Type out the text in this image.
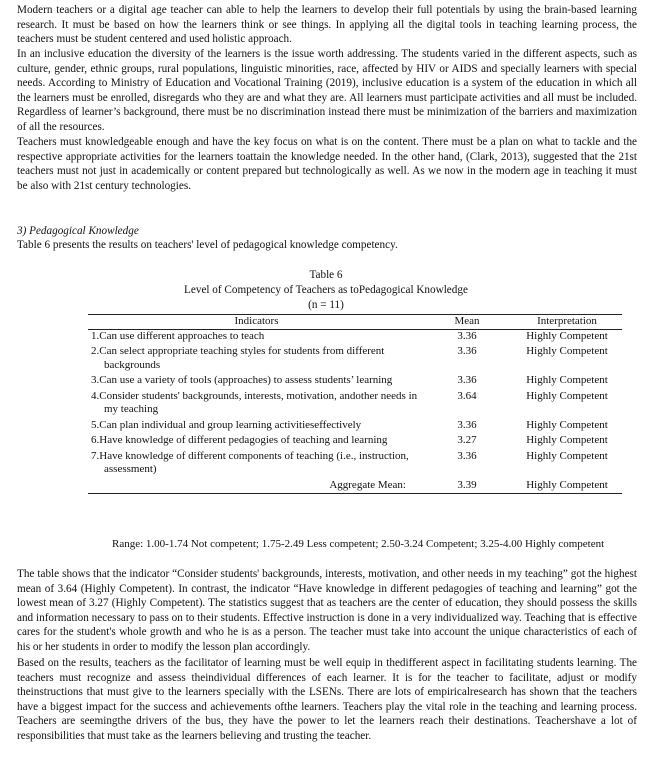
Modern teachers or a digital age teacher can able to help the learners to develop their full potentials by using the brain-based learning research. It must be based on how the learners think or see things. In applying all the digital tools in teaching learning process, the teachers must be student centered and used holistic approach.

In an inclusive education the diversity of the learners is the issue worth addressing. The students varied in the different aspects, such as culture, gender, ethnic groups, rural populations, linguistic minorities, race, affected by HIV or AIDS and specially learners with special needs. According to Ministry of Education and Vocational Training (2019), inclusive education is a system of the education in which all the learners must be enrolled, disregards who they are and what they are. All learners must participate activities and all must be included. Regardless of learner’s background, there must be no discrimination instead there must be minimization of the barriers and maximization of all the resources.

Teachers must knowledgeable enough and have the key focus on what is on the content. There must be a plan on what to tackle and the respective appropriate activities for the learners toattain the knowledge needed. In the other hand, (Clark, 2013), suggested that the 21st teachers must not just in academically or content prepared but technologically as well. As we now in the modern age in teaching it must be also with 21st century technologies.

3) Pedagogical Knowledge

Table 6 presents the results on teachers' level of pedagogical knowledge competency.

Table 6
Level of Competency of Teachers as toPedagogical Knowledge
(n = 11)
Indicators	Mean	Interpretation

1.Can use different approaches to teach	3.36	Highly Competent

2.Can select appropriate teaching styles for students from different backgrounds	3.36	Highly Competent

3.Can use a variety of tools (approaches) to assess students’ learning	3.36	Highly Competent

4.Consider students' backgrounds, interests, motivation, andother needs in my teaching	3.64	Highly Competent

5.Can plan individual and group learning activitieseffectively	3.36	Highly Competent

6.Have knowledge of different pedagogies of teaching and learning	3.27	Highly Competent

7.Have knowledge of different components of teaching (i.e., instruction, assessment)	3.36	Highly Competent
Aggregate Mean:	3.39	Highly Competent
Range: 1.00-1.74 Not competent; 1.75-2.49 Less competent; 2.50-3.24 Competent; 3.25-4.00 Highly competent

The table shows that the indicator “Consider students' backgrounds, interests, motivation, and other needs in my teaching” got the highest mean of 3.64 (Highly Competent). In contrast, the indicator “Have knowledge in different pedagogies of teaching and learning” got the lowest mean of 3.27 (Highly Competent). The statistics suggest that as teachers are the center of education, they should possess the skills and information necessary to pass on to their students. Effective instruction is done in a very individualized way. Teaching that is effective cares for the student's whole growth and who he is as a person. The teacher must take into account the unique characteristics of each of his or her students in order to modify the lesson plan accordingly.

Based on the results, teachers as the facilitator of learning must be well equip in thedifferent aspect in facilitating students learning. The teachers must recognize and assess theindividual differences of each learner. It is for the teacher to facilitate, adjust or modify theinstructions that must give to the learners specially with the LSENs. There are lots of empiricalresearch has shown that the teachers have a biggest impact for the success and achievements ofthe learners. Teachers play the vital role in the teaching and learning process. Teachers are seemingthe drivers of the bus, they have the power to let the learners reach their destinations. Teachershave a lot of responsibilities that must take as the learners believing and trusting the teacher.
